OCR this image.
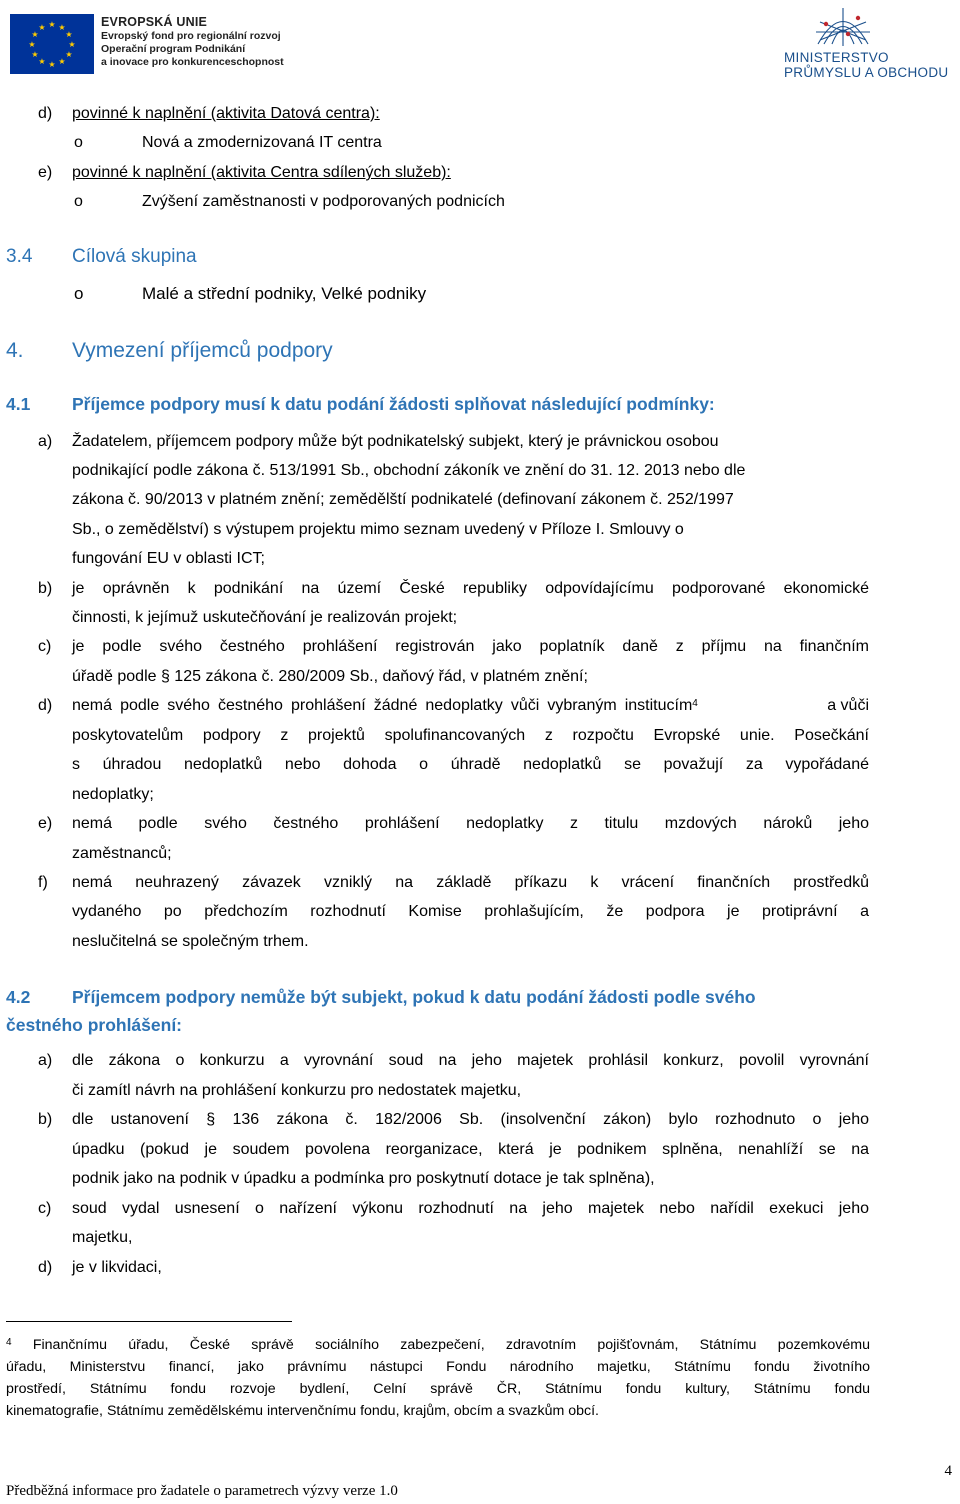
★ ★
★
★
★
★
★
★
★
★
★
★	EVROPSKÁ UNIE
Evropský fond pro regionální rozvoj
Operační program Podnikání
a inovace pro konkurenceschopnost	MINISTERSTVO
PRŮMYSLU A OBCHODU
d) povinné k naplnění (aktivita Datová centra):
o	Nová a zmodernizovaná IT centra
e) povinné k naplnění (aktivita Centra sdílených služeb):
o	Zvýšení zaměstnanosti v podporovaných podnicích
3.4 Cílová skupina
o	Malé a střední podniky, Velké podniky
4. Vymezení příjemců podpory
4.1 Příjemce podpory musí k datu podání žádosti splňovat následující podmínky:
a) Žadatelem, příjemcem podpory může být podnikatelský subjekt, který je právnickou osobou
podnikající podle zákona č. 513/1991 Sb., obchodní zákoník ve znění do 31. 12. 2013 nebo dle
zákona č. 90/2013 v platném znění; zemědělští podnikatelé (definovaní zákonem č. 252/1997
Sb., o zemědělství) s výstupem projektu mimo seznam uvedený v Příloze I. Smlouvy o
fungování EU v oblasti ICT;
b) je oprávněn k podnikání na území České republiky odpovídajícímu podporované ekonomické
činnosti, k jejímuž uskutečňování je realizován projekt;
c) je podle svého čestného prohlášení registrován jako poplatník daně z příjmu na finančním
úřadě podle § 125 zákona č. 280/2009 Sb., daňový řád, v platném znění;
d) nemá podle svého čestného prohlášení žádné nedoplatky vůči vybraným institucím$^4$	a vůči
poskytovatelům podpory z projektů spolufinancovaných z rozpočtu Evropské unie. Posečkání
s úhradou nedoplatků nebo dohoda o úhradě nedoplatků se považují za vypořádané
nedoplatky;
e) nemá podle svého čestného prohlášení nedoplatky z titulu mzdových nároků jeho
zaměstnanců;
f) nemá neuhrazený závazek vzniklý na základě příkazu k vrácení finančních prostředků
vydaného po předchozím rozhodnutí Komise prohlašujícím, že podpora je protiprávní a
neslučitelná se společným trhem.
4.2 Příjemcem podpory nemůže být subjekt, pokud k datu podání žádosti podle svého
čestného prohlášení:
a) dle zákona o konkurzu a vyrovnání soud na jeho majetek prohlásil konkurz, povolil vyrovnání
či zamítl návrh na prohlášení konkurzu pro nedostatek majetku,
b) dle ustanovení § 136 zákona č. 182/2006 Sb. (insolvenční zákon) bylo rozhodnuto o jeho
úpadku (pokud je soudem povolena reorganizace, která je podnikem splněna, nenahlíží se na
podnik jako na podnik v úpadku a podmínka pro poskytnutí dotace je tak splněna),
c) soud vydal usnesení o nařízení výkonu rozhodnutí na jeho majetek nebo nařídil exekuci jeho
majetku,
d) je v likvidaci,
$^4$ Finančnímu úřadu, České správě sociálního zabezpečení, zdravotním pojišťovnám, Státnímu pozemkovému
úřadu, Ministerstvu financí, jako právnímu nástupci Fondu národního majetku, Státnímu fondu životního
prostředí, Státnímu fondu rozvoje bydlení, Celní správě ČR, Státnímu fondu kultury, Státnímu fondu
kinematografie, Státnímu zemědělskému intervenčnímu fondu, krajům, obcím a svazkům obcí.
4
Předběžná informace pro žadatele o parametrech výzvy verze 1.0
